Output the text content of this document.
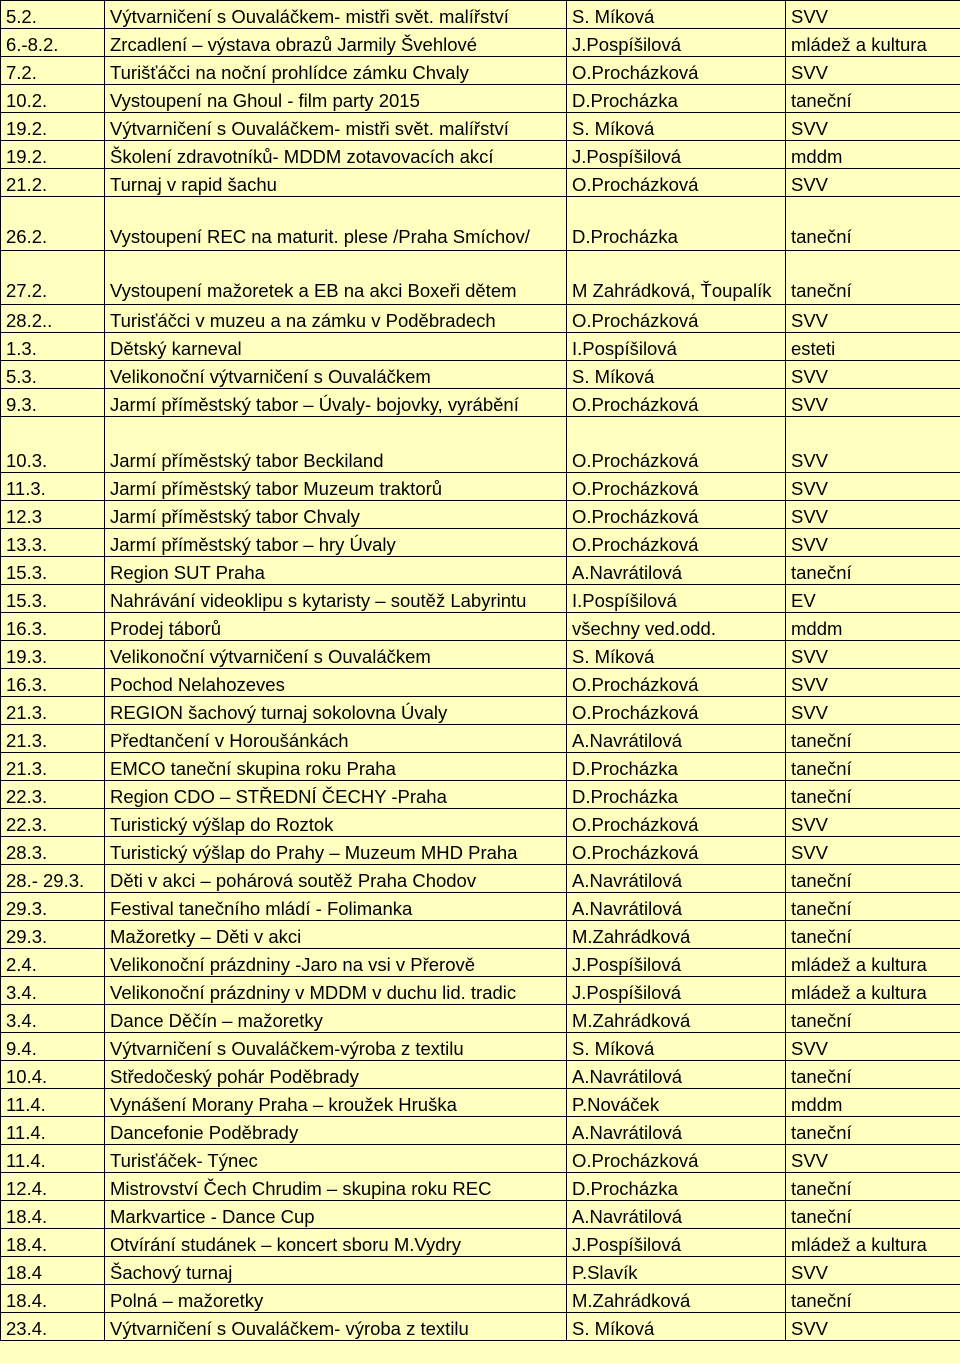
5.2.	Výtvarničení s Ouvaláčkem- mistři svět. malířství	S. Míková	SVV
6.-8.2.	Zrcadlení – výstava obrazů Jarmily Švehlové	J.Pospíšilová	mládež a kultura
7.2.	Turišťáčci na noční prohlídce zámku Chvaly	O.Procházková	SVV
10.2.	Vystoupení na Ghoul - film party 2015	D.Procházka	taneční
19.2.	Výtvarničení s Ouvaláčkem- mistři svět. malířství	S. Míková	SVV
19.2.	Školení zdravotníků- MDDM zotavovacích akcí	J.Pospíšilová	mddm
21.2.	Turnaj v rapid šachu	O.Procházková	SVV
26.2.	Vystoupení REC na maturit. plese /Praha Smíchov/	D.Procházka	taneční
27.2.	Vystoupení mažoretek a EB na akci Boxeři dětem	M Zahrádková, Ťoupalík	taneční
28.2..	Turisťáčci v muzeu a na zámku v Poděbradech	O.Procházková	SVV
1.3.	Dětský karneval	I.Pospíšilová	esteti
5.3.	Velikonoční výtvarničení s Ouvaláčkem	S. Míková	SVV
9.3.	Jarmí příměstský tabor – Úvaly- bojovky, vyrábění	O.Procházková	SVV
10.3.	Jarmí příměstský tabor Beckiland	O.Procházková	SVV
11.3.	Jarmí příměstský tabor Muzeum traktorů	O.Procházková	SVV
12.3	Jarmí příměstský tabor Chvaly	O.Procházková	SVV
13.3.	Jarmí příměstský tabor – hry Úvaly	O.Procházková	SVV
15.3.	Region SUT Praha	A.Navrátilová	taneční
15.3.	Nahrávání videoklipu s kytaristy – soutěž Labyrintu	I.Pospíšilová	EV
16.3.	Prodej táborů	všechny ved.odd.	mddm
19.3.	Velikonoční výtvarničení s Ouvaláčkem	S. Míková	SVV
16.3.	Pochod Nelahozeves	O.Procházková	SVV
21.3.	REGION šachový turnaj sokolovna Úvaly	O.Procházková	SVV
21.3.	Předtančení v Horoušánkách	A.Navrátilová	taneční
21.3.	EMCO taneční skupina roku Praha	D.Procházka	taneční
22.3.	Region CDO – STŘEDNÍ ČECHY -Praha	D.Procházka	taneční
22.3.	Turistický výšlap do Roztok	O.Procházková	SVV
28.3.	Turistický výšlap do Prahy – Muzeum MHD Praha	O.Procházková	SVV
28.- 29.3.	Děti v akci – pohárová soutěž Praha Chodov	A.Navrátilová	taneční
29.3.	Festival tanečního mládí - Folimanka	A.Navrátilová	taneční
29.3.	Mažoretky – Děti v akci	M.Zahrádková	taneční
2.4.	Velikonoční prázdniny -Jaro na vsi v Přerově	J.Pospíšilová	mládež a kultura
3.4.	Velikonoční prázdniny v MDDM v duchu lid. tradic	J.Pospíšilová	mládež a kultura
3.4.	Dance Děčín – mažoretky	M.Zahrádková	taneční
9.4.	Výtvarničení s Ouvaláčkem-výroba z textilu	S. Míková	SVV
10.4.	Středočeský pohár Poděbrady	A.Navrátilová	taneční
11.4.	Vynášení Morany Praha – kroužek Hruška	P.Nováček	mddm
11.4.	Dancefonie Poděbrady	A.Navrátilová	taneční
11.4.	Turisťáček- Týnec	O.Procházková	SVV
12.4.	Mistrovství Čech Chrudim – skupina roku REC	D.Procházka	taneční
18.4.	Markvartice - Dance Cup	A.Navrátilová	taneční
18.4.	Otvírání studánek – koncert sboru M.Vydry	J.Pospíšilová	mládež a kultura
18.4	Šachový turnaj	P.Slavík	SVV
18.4.	Polná – mažoretky	M.Zahrádková	taneční
23.4.	Výtvarničení s Ouvaláčkem- výroba z textilu	S. Míková	SVV
